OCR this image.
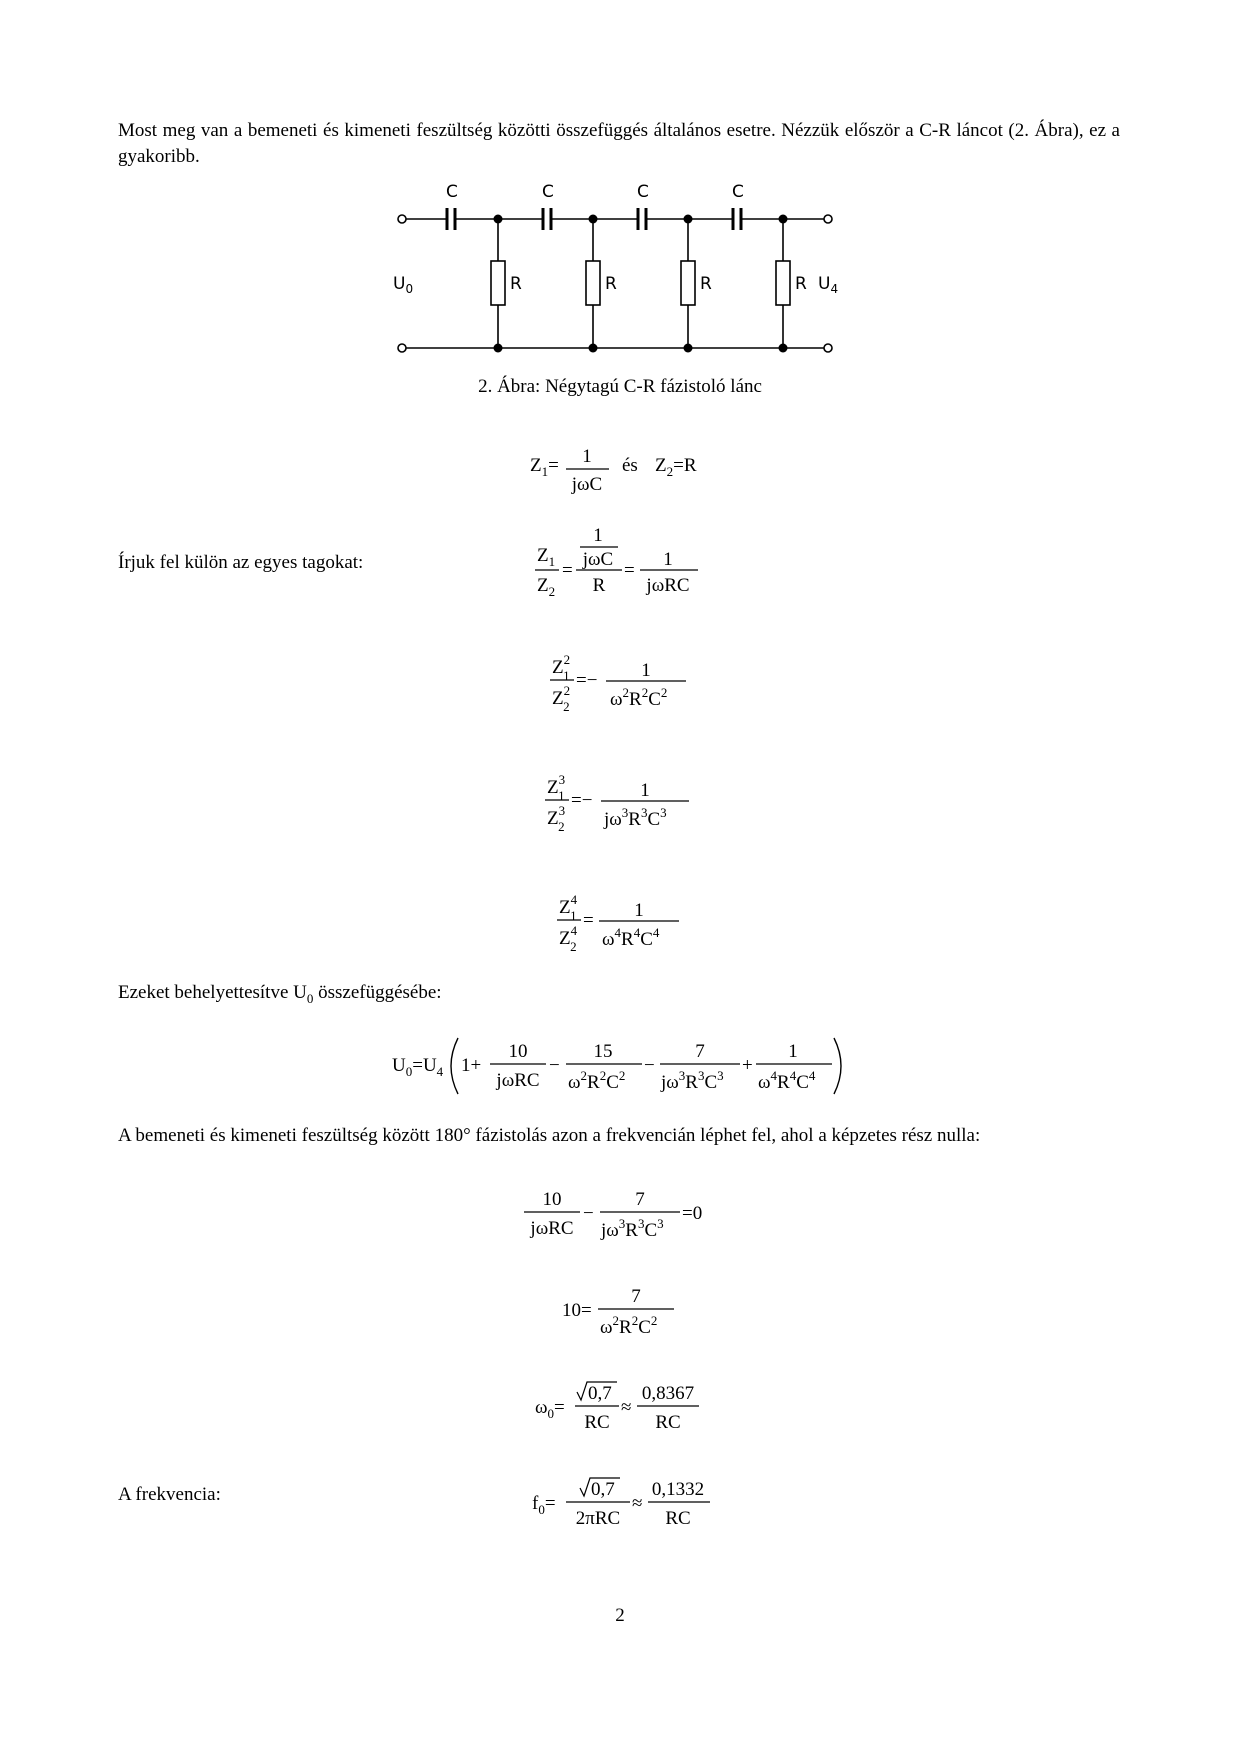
Most meg van a bemeneti és kimeneti feszültség közötti összefüggés általános esetre. Nézzük először a C-R láncot (2. Ábra), ez a gyakoribb.
C	C	C	C
R	R	R	R
$U_0$	$U_4$
2. Ábra: Négytagú C-R fázistoló lánc
$Z_1= 1$
jωC
és $Z_2=R$
Írjuk fel külön az egyes tagokat:	$Z_1$
$Z_2$
=
1
jωC
R
=
1
jωRC
$Z^2$ 1
$Z^2$ 2
=− 1
$\omega^2R^2C^2$
$Z^3$ 1
$Z^3$ 2
=−	1
$j\omega^3R^3C^3$
$Z^4$ 1
$Z^4$ 2
= 1
$\omega^4R^4C^4$
Ezeket behelyettesítve $U_0$ összefüggésébe:
$U_0=U_4$ 1+
10
jωRC
−
15
$\omega^2R^2C^2$ −
7
$j\omega^3R^3C^3$ +
1
$\omega^4R^4C^4$
A bemeneti és kimeneti feszültség között 180° fázistolás azon a frekvencián léphet fel, ahol a képzetes rész nulla:
10
jωRC
−
7
$j\omega^3R^3C^3 =0$
10=
7
$\omega^2R^2C^2$
$\omega_0=$
0,7
RC
≈
0,8367
RC
A frekvencia:	$f_0=$
0,7
2πRC
≈
0,1332
RC
2
